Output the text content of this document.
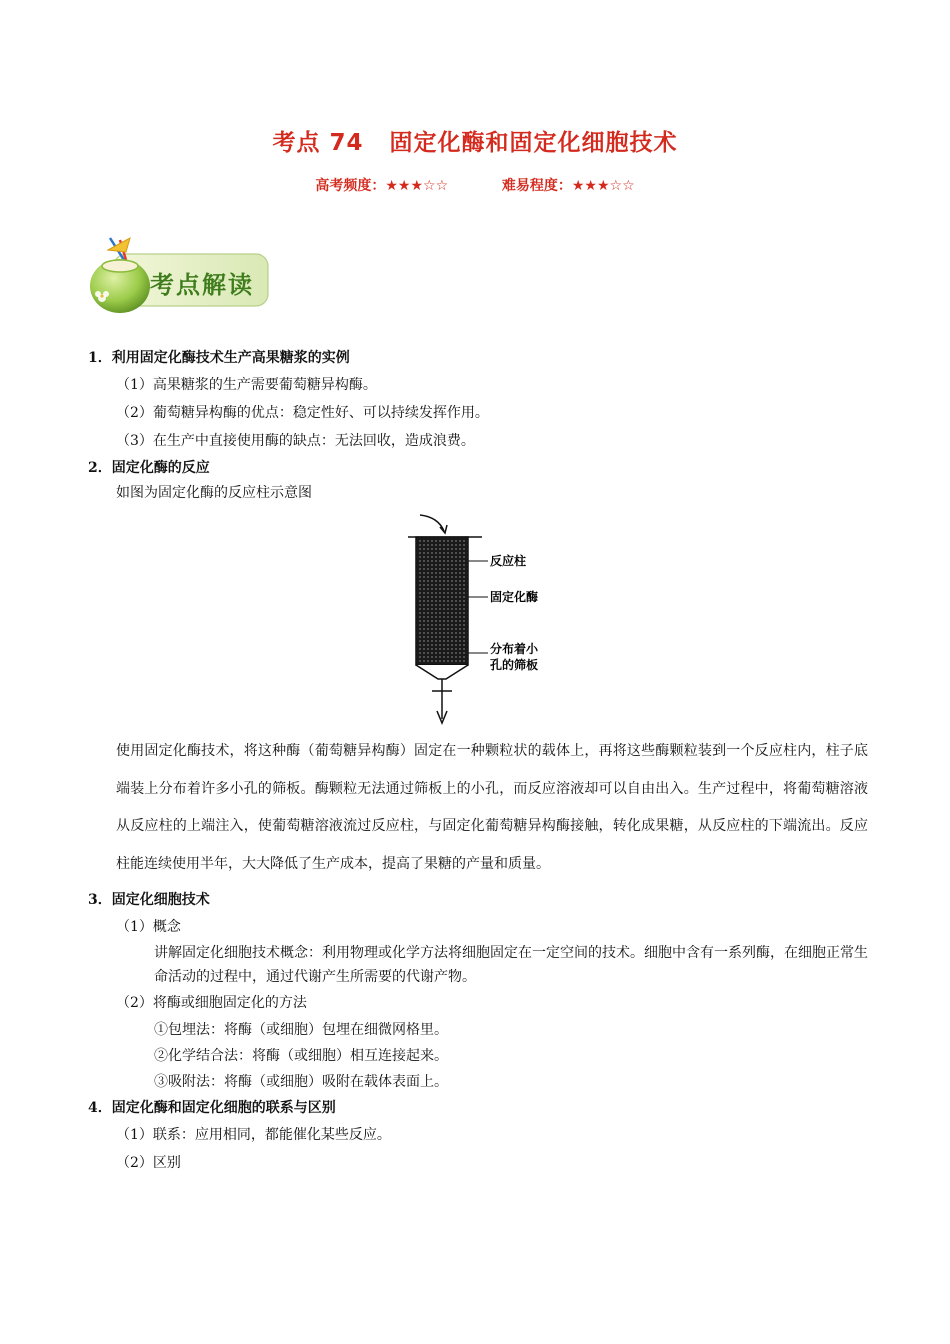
考点 74 固定化酶和固定化细胞技术
高考频度：★★★☆☆	难易程度：★★★☆☆
考点解读
1．利用固定化酶技术生产高果糖浆的实例
（1）高果糖浆的生产需要葡萄糖异构酶。
（2）葡萄糖异构酶的优点：稳定性好、可以持续发挥作用。
（3）在生产中直接使用酶的缺点：无法回收，造成浪费。
2．固定化酶的反应
如图为固定化酶的反应柱示意图
反应柱
固定化酶
分布着小
孔的筛板
使用固定化酶技术，将这种酶（葡萄糖异构酶）固定在一种颗粒状的载体上，再将这些酶颗粒装到一个反应柱内，柱子底端装上分布着许多小孔的筛板。酶颗粒无法通过筛板上的小孔，而反应溶液却可以自由出入。生产过程中，将葡萄糖溶液从反应柱的上端注入，使葡萄糖溶液流过反应柱，与固定化葡萄糖异构酶接触，转化成果糖，从反应柱的下端流出。反应柱能连续使用半年，大大降低了生产成本，提高了果糖的产量和质量。
3．固定化细胞技术
（1）概念
讲解固定化细胞技术概念：利用物理或化学方法将细胞固定在一定空间的技术。细胞中含有一系列酶，在细胞正常生命活动的过程中，通过代谢产生所需要的代谢产物。
（2）将酶或细胞固定化的方法
①包埋法：将酶（或细胞）包埋在细微网格里。
②化学结合法：将酶（或细胞）相互连接起来。
③吸附法：将酶（或细胞）吸附在载体表面上。
4．固定化酶和固定化细胞的联系与区别
（1）联系：应用相同，都能催化某些反应。
（2）区别
